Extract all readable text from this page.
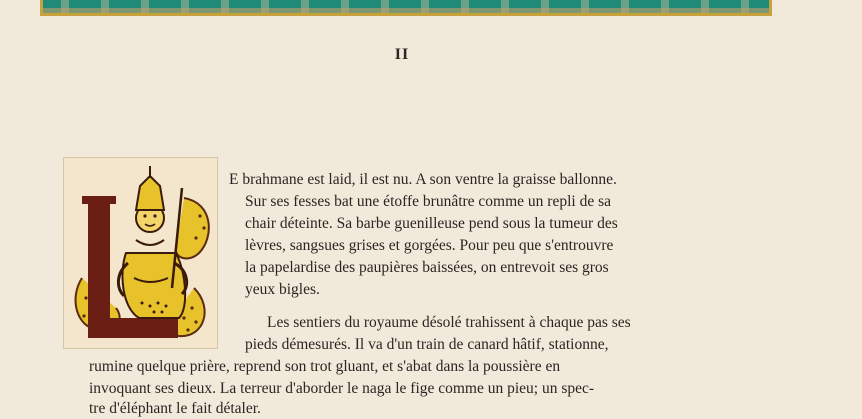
II
E brahmane est laid, il est nu. A son ventre la graisse ballonne.
Sur ses fesses bat une étoffe brunâtre comme un repli de sa
chair déteinte. Sa barbe guenilleuse pend sous la tumeur des
lèvres, sangsues grises et gorgées. Pour peu que s'entrouvre
la papelardise des paupières baissées, on entrevoit ses gros
yeux bigles.
Les sentiers du royaume désolé trahissent à chaque pas ses
pieds démesurés. Il va d'un train de canard hâtif, stationne,
rumine quelque prière, reprend son trot gluant, et s'abat dans la poussière en
invoquant ses dieux. La terreur d'aborder le naga le fige comme un pieu; un spec-
tre d'éléphant le fait détaler.
